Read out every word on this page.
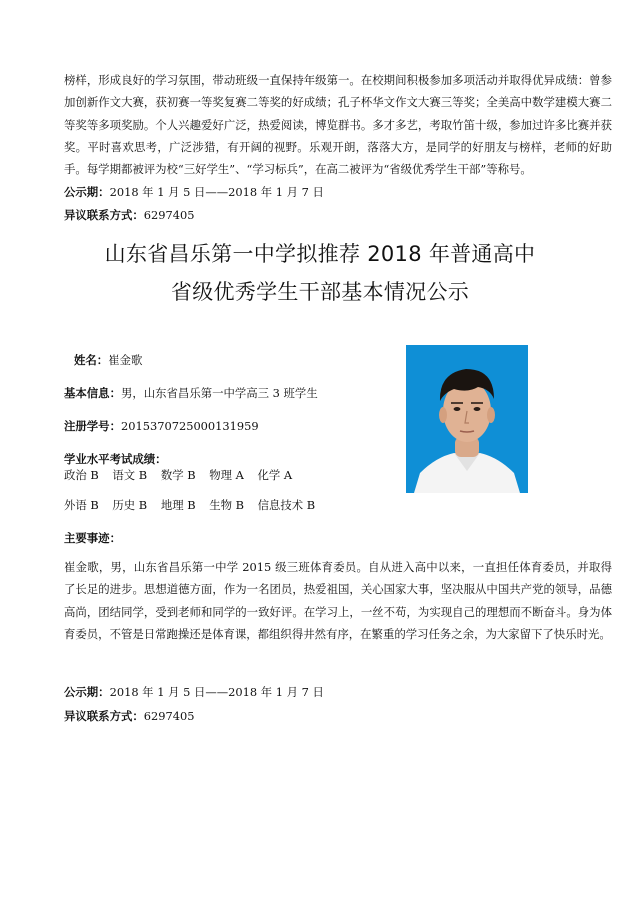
榜样，形成良好的学习氛围，带动班级一直保持年级第一。在校期间积极参加多项活动并取得优异成绩：曾参加创新作文大赛，获初赛一等奖复赛二等奖的好成绩；孔子杯华文作文大赛三等奖；全美高中数学建模大赛二等奖等多项奖励。个人兴趣爱好广泛，热爱阅读，博览群书。多才多艺，考取竹笛十级，参加过许多比赛并获奖。平时喜欢思考，广泛涉猎，有开阔的视野。乐观开朗，落落大方，是同学的好朋友与榜样，老师的好助手。每学期都被评为校“三好学生”、“学习标兵”，在高二被评为“省级优秀学生干部”等称号。

公示期：2018 年 1 月 5 日——2018 年 1 月 7 日
异议联系方式：6297405
山东省昌乐第一中学拟推荐 2018 年普通高中
省级优秀学生干部基本情况公示
姓名：崔金歌
基本信息：男，山东省昌乐第一中学高三 3 班学生
注册学号：2015370725000131959
学业水平考试成绩：
政治 B 语文 B 数学 B 物理 A 化学 A
外语 B 历史 B 地理 B 生物 B 信息技术 B
主要事迹：

崔金歌，男，山东省昌乐第一中学 2015 级三班体育委员。自从进入高中以来，一直担任体育委员，并取得了长足的进步。思想道德方面，作为一名团员，热爱祖国，关心国家大事，坚决服从中国共产党的领导，品德高尚，团结同学，受到老师和同学的一致好评。在学习上，一丝不苟，为实现自己的理想而不断奋斗。身为体育委员，不管是日常跑操还是体育课，都组织得井然有序，在繁重的学习任务之余，为大家留下了快乐时光。

公示期：2018 年 1 月 5 日——2018 年 1 月 7 日
异议联系方式：6297405
